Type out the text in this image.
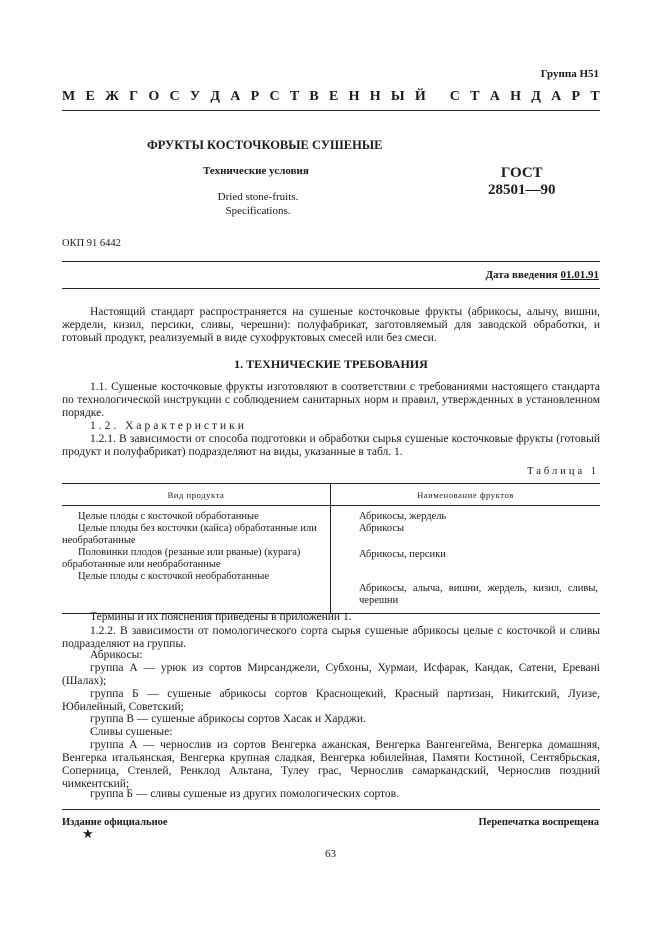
Группа Н51
М Е Ж Г О С У Д А Р С Т В Е Н Н Ы Й
С Т А Н Д А Р Т
ФРУКТЫ КОСТОЧКОВЫЕ СУШЕНЫЕ
Технические условия
Dried stone-fruits.
Specifications.
ГОСТ
28501—90
ОКП 91 6442
Дата введения 01.01.91
Настоящий стандарт распространяется на сушеные косточковые фрукты (абрикосы, алычу, вишни, жердели, кизил, персики, сливы, черешни): полуфабрикат, заготовляемый для заводской обработки, и готовый продукт, реализуемый в виде сухофруктовых смесей или без смеси.
1. ТЕХНИЧЕСКИЕ ТРЕБОВАНИЯ
1.1. Сушеные косточковые фрукты изготовляют в соответствии с требованиями настоящего стандарта по технологической инструкции с соблюдением санитарных норм и правил, утвержденных в установленном порядке.
1.2. Характеристики
1.2.1. В зависимости от способа подготовки и обработки сырья сушеные косточковые фрукты (готовый продукт и полуфабрикат) подразделяют на виды, указанные в табл. 1.
Таблица 1
Вид продукта	Наименование фруктов
Целые плоды с косточкой обработанные	Абрикосы, жердель
Целые плоды без косточки (кайса) обработанные или необработанные	Абрикосы
Половинки плодов (резаные или рваные) (курага) обработанные или необработанные	Абрикосы, персики
Целые плоды с косточкой необработанные	Абрикосы, алыча, вишни, жердель, кизил, сливы, черешни
Термины и их пояснения приведены в приложении 1.
1.2.2. В зависимости от помологического сорта сырья сушеные абрикосы целые с косточкой и сливы подразделяют на группы.
Абрикосы:
группа А — урюк из сортов Мирсанджели, Субхоны, Хурмаи, Исфарак, Кандак, Сатени, Ереванi (Шалах);
группа Б — сушеные абрикосы сортов Краснощекий, Красный партизан, Никитский, Луизе, Юбилейный, Советский;
группа В — сушеные абрикосы сортов Хасак и Харджи.
Сливы сушеные:
группа А — чернослив из сортов Венгерка ажанская, Венгерка Вангенгейма, Венгерка домашняя, Венгерка итальянская, Венгерка крупная сладкая, Венгерка юбилейная, Памяти Костиной, Сентябрьская, Соперница, Стенлей, Ренклод Альтана, Тулеу грас, Чернослив самаркандский, Чернослив поздний чимкентский;
группа Б — сливы сушеные из других помологических сортов.
Издание официальное	Перепечатка воспрещена
★
63
